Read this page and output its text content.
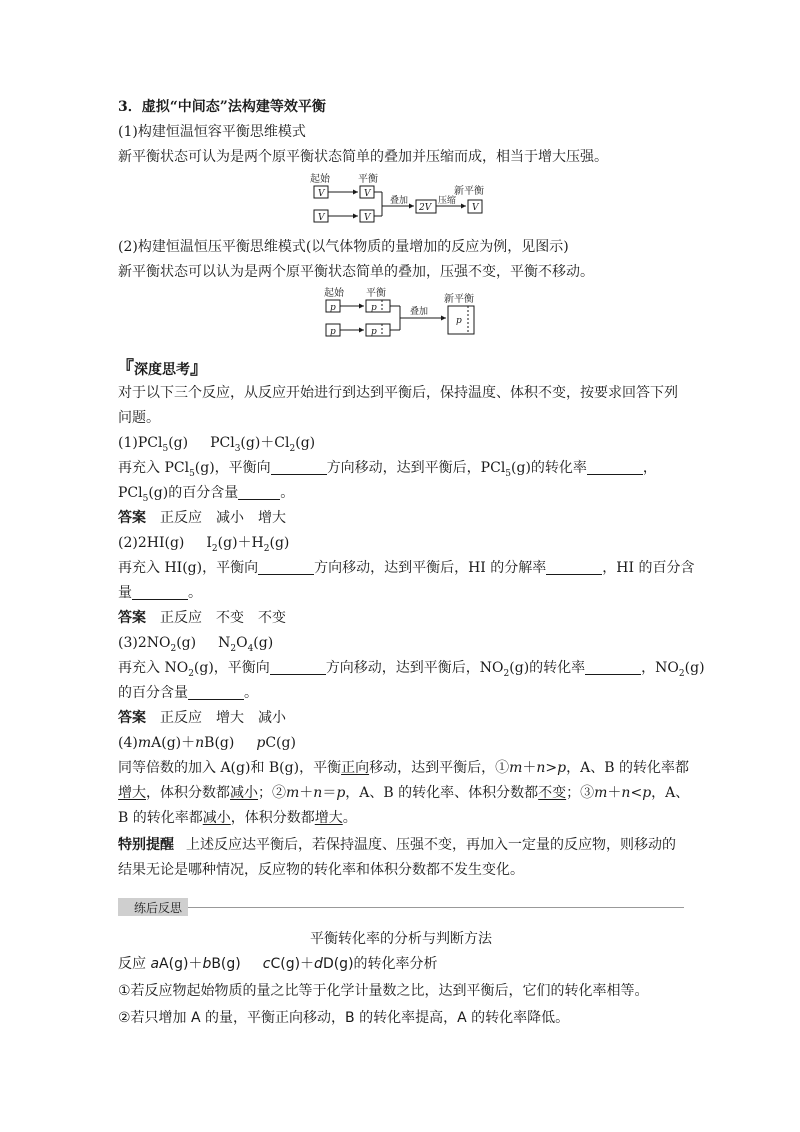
3．虚拟“中间态”法构建等效平衡
(1)构建恒温恒容平衡思维模式
新平衡状态可认为是两个原平衡状态简单的叠加并压缩而成，相当于增大压强。
起始	平衡
新平衡
叠加	压缩
V
V
V
V
2V	V
(2)构建恒温恒压平衡思维模式(以气体物质的量增加的反应为例，见图示)
新平衡状态可以认为是两个原平衡状态简单的叠加，压强不变，平衡不移动。
起始 平衡
新平衡
叠加
p
p
p
p
p
『深度思考』
对于以下三个反应，从反应开始进行到达到平衡后，保持温度、体积不变，按要求回答下列
问题。
(1)PCl$_5$(g) $PCl_3(g)+Cl_2(g)$
再充入 PCl$_5$(g)，平衡向	方向移动，达到平衡后，PCl$_5$(g)的转化率	，
PCl$_5$(g)的百分含量	。
答案 正反应　减小　增大
(2)2HI(g) $I_2(g)+H_2(g)$
再充入 HI(g)，平衡向	方向移动，达到平衡后，HI 的分解率	，HI 的百分含
量	。
答案 正反应　不变　不变
$(3)2NO_2(g)$ $N_2O_4(g)$
再充入 $NO_2(g)$，平衡向	方向移动，达到平衡后，$NO_2(g)$的转化率	，$NO_2(g)$
的百分含量	。
答案 正反应　增大　减小
(4)mA(g)＋nB(g) pC(g)
同等倍数的加入 A(g)和 B(g)，平衡正向移动，达到平衡后，①m＋n>p，A、B 的转化率都
增大，体积分数都减小；②m＋n＝p，A、B 的转化率、体积分数都不变；③m＋n<p，A、
B 的转化率都减小，体积分数都增大。
特别提醒 上述反应达平衡后，若保持温度、压强不变，再加入一定量的反应物，则移动的
结果无论是哪种情况，反应物的转化率和体积分数都不发生变化。
练后反思
平衡转化率的分析与判断方法
反应 aA(g)＋bB(g) cC(g)＋dD(g)的转化率分析
①若反应物起始物质的量之比等于化学计量数之比，达到平衡后，它们的转化率相等。
②若只增加 A 的量，平衡正向移动，B 的转化率提高，A 的转化率降低。
